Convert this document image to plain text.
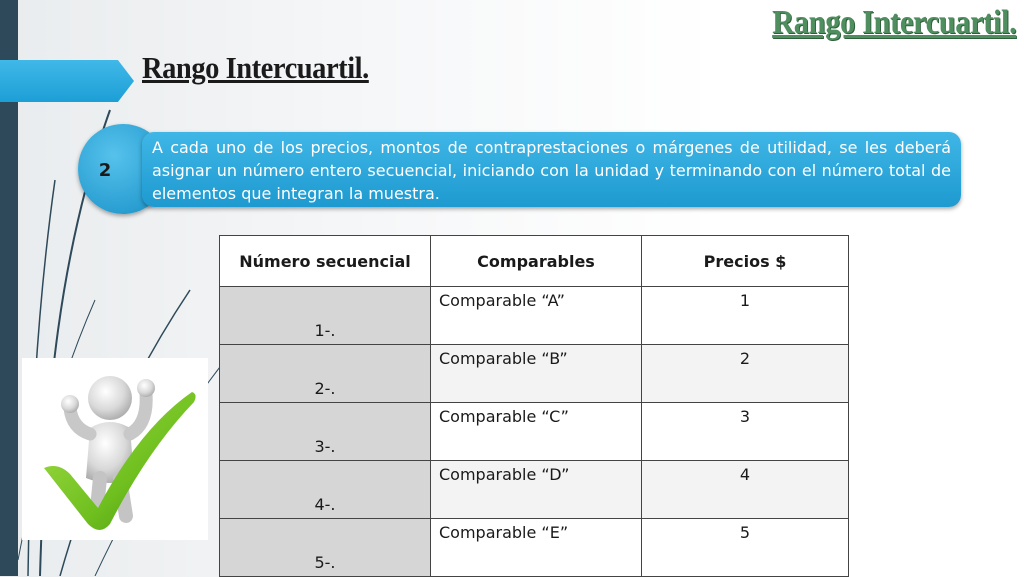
Rango Intercuartil.
Rango Intercuartil.
A cada uno de los precios, montos de contraprestaciones o márgenes de utilidad, se les deberá asignar un número entero secuencial, iniciando con la unidad y terminando con el número total de elementos que integran la muestra.
2
Número secuencial	Comparables	Precios $
1-.	Comparable “A”	1
2-.	Comparable “B”	2
3-.	Comparable “C”	3
4-.	Comparable “D”	4
5-.	Comparable “E”	5
